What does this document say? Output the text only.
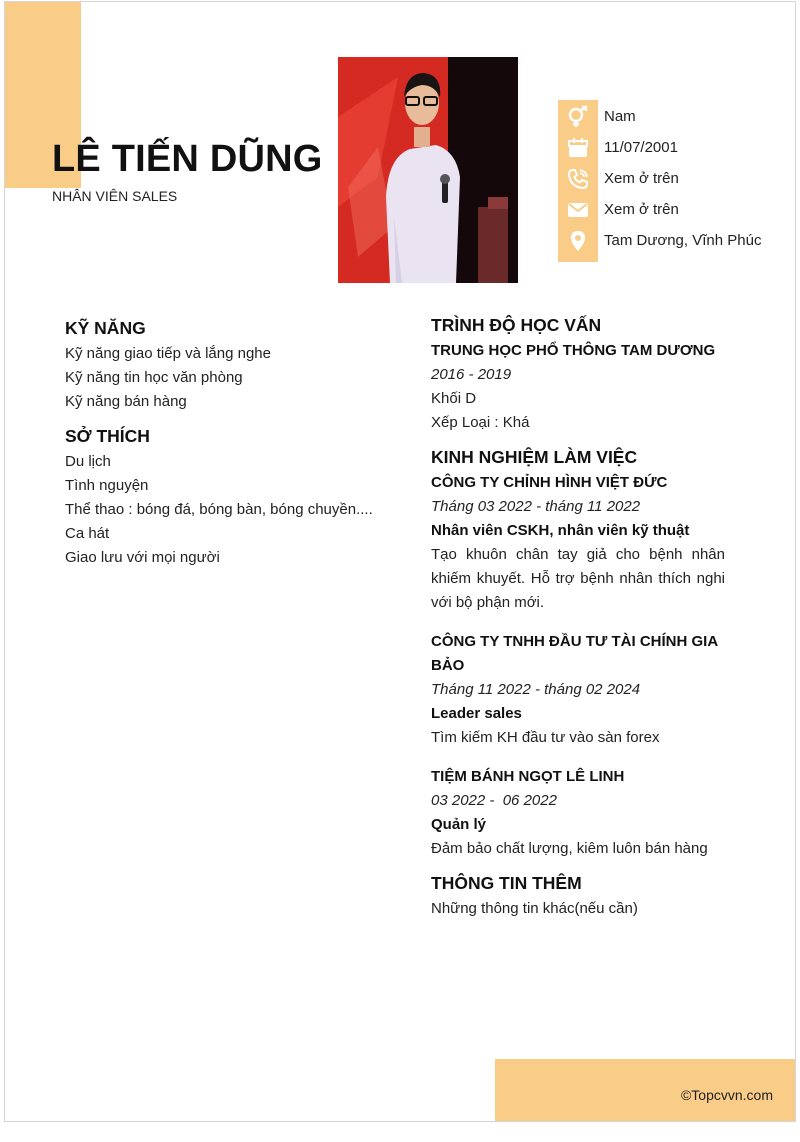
LÊ TIẾN DŨNG
NHÂN VIÊN SALES
Nam
11/07/2001
Xem ở trên
Xem ở trên
Tam Dương, Vĩnh Phúc
KỸ NĂNG
Kỹ năng giao tiếp và lắng nghe
Kỹ năng tin học văn phòng
Kỹ năng bán hàng
SỞ THÍCH
Du lịch
Tình nguyện
Thể thao : bóng đá, bóng bàn, bóng chuyền....
Ca hát
Giao lưu với mọi người
TRÌNH ĐỘ HỌC VẤN
TRUNG HỌC PHỔ THÔNG TAM DƯƠNG
2016 - 2019
Khối D
Xếp Loại : Khá
KINH NGHIỆM LÀM VIỆC
CÔNG TY CHỈNH HÌNH VIỆT ĐỨC
Tháng 03 2022 - tháng 11 2022
Nhân viên CSKH, nhân viên kỹ thuật
Tạo khuôn chân tay giả cho bệnh nhân khiếm khuyết. Hỗ trợ bệnh nhân thích nghi với bộ phận mới.
CÔNG TY TNHH ĐẦU TƯ TÀI CHÍNH GIA BẢO
Tháng 11 2022 - tháng 02 2024
Leader sales
Tìm kiếm KH đầu tư vào sàn forex
TIỆM BÁNH NGỌT LÊ LINH
03 2022 -  06 2022
Quản lý
Đảm bảo chất lượng, kiêm luôn bán hàng
THÔNG TIN THÊM
Những thông tin khác(nếu cần)
©Topcvvn.com
